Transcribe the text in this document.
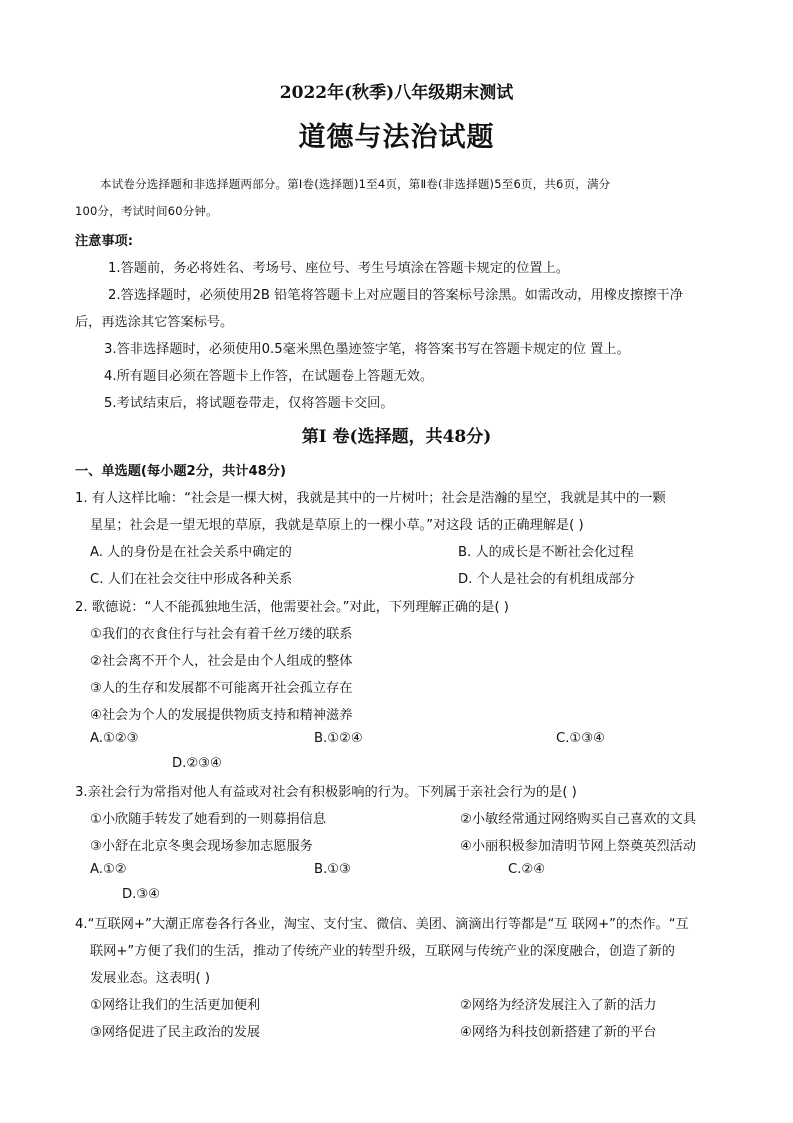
2022年(秋季)八年级期末测试
道德与法治试题
本试卷分选择题和非选择题两部分。第I卷(选择题)1至4页，第Ⅱ卷(非选择题)5至6页，共6页，满分
100分，考试时间60分钟。
注意事项:
1.答题前，务必将姓名、考场号、座位号、考生号填涂在答题卡规定的位置上。
2.答选择题时，必须使用2B 铅笔将答题卡上对应题目的答案标号涂黑。如需改动，用橡皮擦擦干净
后，再选涂其它答案标号。
3.答非选择题时，必须使用0.5毫米黑色墨迹签字笔，将答案书写在答题卡规定的位 置上。
4.所有题目必须在答题卡上作答，在试题卷上答题无效。
5.考试结束后，将试题卷带走，仅将答题卡交回。
第I 卷(选择题，共48分)
一、单选题(每小题2分，共计48分)
1. 有人这样比喻：“社会是一棵大树，我就是其中的一片树叶；社会是浩瀚的星空，我就是其中的一颗
星星；社会是一望无垠的草原，我就是草原上的一棵小草。”对这段 话的正确理解是( )
A. 人的身份是在社会关系中确定的	B. 人的成长是不断社会化过程
C. 人们在社会交往中形成各种关系	D. 个人是社会的有机组成部分
2. 歌德说：“人不能孤独地生活，他需要社会。”对此，下列理解正确的是( )
①我们的衣食住行与社会有着千丝万缕的联系
②社会离不开个人，社会是由个人组成的整体
③人的生存和发展都不可能离开社会孤立存在
④社会为个人的发展提供物质支持和精神滋养
A.①②③	B.①②④	C.①③④
D.②③④
3.亲社会行为常指对他人有益或对社会有积极影响的行为。下列属于亲社会行为的是( )
①小欣随手转发了她看到的一则募捐信息	②小敏经常通过网络购买自己喜欢的文具
③小舒在北京冬奥会现场参加志愿服务	④小丽积极参加清明节网上祭奠英烈活动
A.①②	B.①③	C.②④
D.③④
4.“互联网+”大潮正席卷各行各业，淘宝、支付宝、微信、美团、滴滴出行等都是“互 联网+”的杰作。“互
联网+”方便了我们的生活，推动了传统产业的转型升级，互联网与传统产业的深度融合，创造了新的
发展业态。这表明( )
①网络让我们的生活更加便利	②网络为经济发展注入了新的活力
③网络促进了民主政治的发展	④网络为科技创新搭建了新的平台
